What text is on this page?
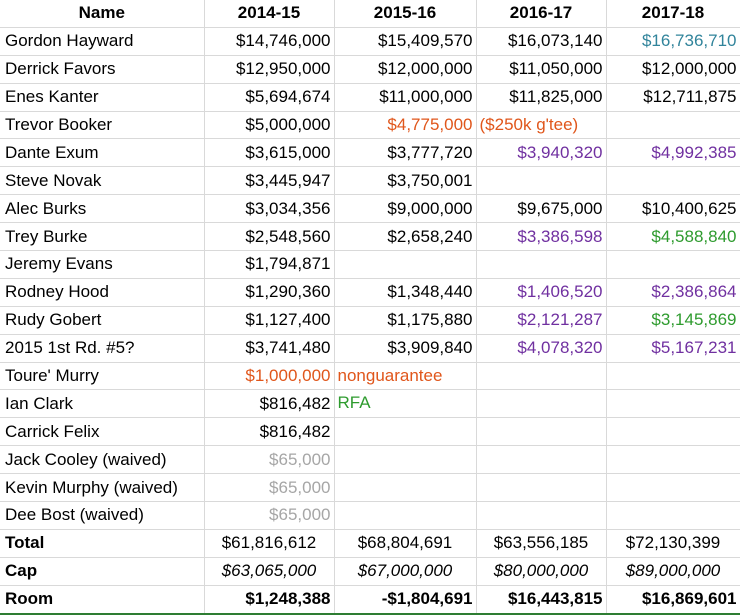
Name	2014-15	2015-16	2016-17	2017-18
Gordon Hayward	$14,746,000	$15,409,570	$16,073,140	$16,736,710
Derrick Favors	$12,950,000	$12,000,000	$11,050,000	$12,000,000
Enes Kanter	$5,694,674	$11,000,000	$11,825,000	$12,711,875
Trevor Booker	$5,000,000	$4,775,000	($250k g'tee)	

Dante Exum	$3,615,000	$3,777,720	$3,940,320	$4,992,385
Steve Novak	$3,445,947	$3,750,001		
Alec Burks	$3,034,356	$9,000,000	$9,675,000	$10,400,625
Trey Burke	$2,548,560	$2,658,240	$3,386,598	$4,588,840
Jeremy Evans	$1,794,871			
Rodney Hood	$1,290,360	$1,348,440	$1,406,520	$2,386,864
Rudy Gobert	$1,127,400	$1,175,880	$2,121,287	$3,145,869
2015 1st Rd. #5?	$3,741,480	$3,909,840	$4,078,320	$5,167,231
Toure' Murry	$1,000,000	nonguarantee		

Ian Clark	$816,482	RFA		

Carrick Felix	$816,482			
Jack Cooley (waived)	$65,000			
Kevin Murphy (waived)	$65,000			
Dee Bost (waived)	$65,000			
Total	$61,816,612	$68,804,691	$63,556,185	$72,130,399
Cap	$63,065,000	$67,000,000	$80,000,000	$89,000,000
Room	$1,248,388	-$1,804,691	$16,443,815	$16,869,601
